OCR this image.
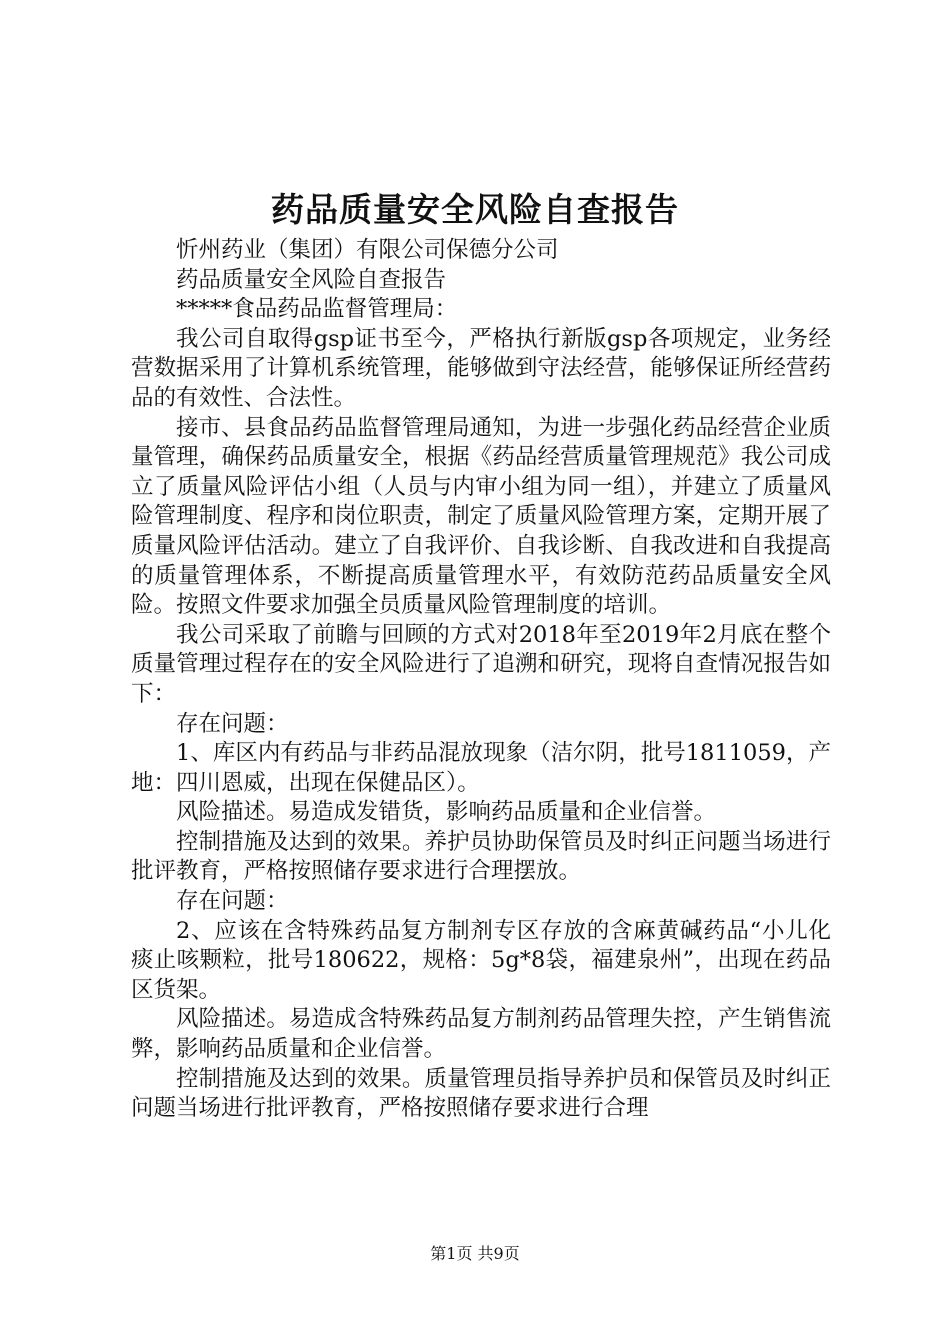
药品质量安全风险自查报告

忻州药业（集团）有限公司保德分公司

药品质量安全风险自查报告

*****食品药品监督管理局：

我公司自取得gsp证书至今，严格执行新版gsp各项规定，业务经营数据采用了计算机系统管理，能够做到守法经营，能够保证所经营药品的有效性、合法性。

接市、县食品药品监督管理局通知，为进一步强化药品经营企业质量管理，确保药品质量安全，根据《药品经营质量管理规范》我公司成立了质量风险评估小组（人员与内审小组为同一组），并建立了质量风险管理制度、程序和岗位职责，制定了质量风险管理方案，定期开展了质量风险评估活动。建立了自我评价、自我诊断、自我改进和自我提高的质量管理体系，不断提高质量管理水平，有效防范药品质量安全风险。按照文件要求加强全员质量风险管理制度的培训。

我公司采取了前瞻与回顾的方式对2018年至2019年2月底在整个质量管理过程存在的安全风险进行了追溯和研究，现将自查情况报告如下：

存在问题：

1、库区内有药品与非药品混放现象（洁尔阴，批号1811059，产地：四川恩威，出现在保健品区）。

风险描述。易造成发错货，影响药品质量和企业信誉。

控制措施及达到的效果。养护员协助保管员及时纠正问题当场进行批评教育，严格按照储存要求进行合理摆放。

存在问题：

2、应该在含特殊药品复方制剂专区存放的含麻黄碱药品“小儿化痰止咳颗粒，批号180622，规格：5g*8袋，福建泉州”，出现在药品区货架。

风险描述。易造成含特殊药品复方制剂药品管理失控，产生销售流弊，影响药品质量和企业信誉。

控制措施及达到的效果。质量管理员指导养护员和保管员及时纠正问题当场进行批评教育，严格按照储存要求进行合理

第1页 共9页
